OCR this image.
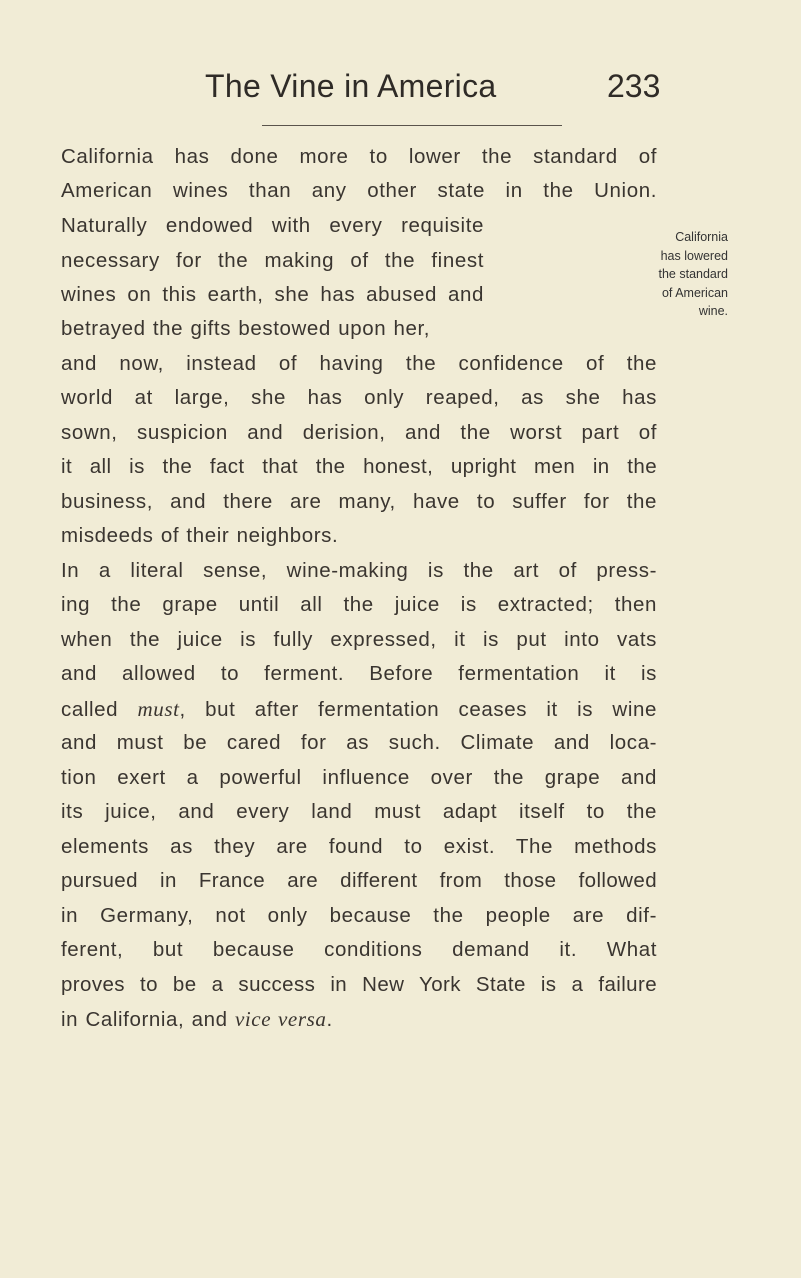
The Vine in America	233
California has done more to lower the standard of
American wines than any other state in the Union.
Naturally endowed with every requisite
necessary for the making of the finest
wines on this earth, she has abused and
betrayed the gifts bestowed upon her,
and now, instead of having the confidence of the
world at large, she has only reaped, as she has
sown, suspicion and derision, and the worst part of
it all is the fact that the honest, upright men in the
business, and there are many, have to suffer for the
misdeeds of their neighbors.
In a literal sense, wine-making is the art of press-
ing the grape until all the juice is extracted; then
when the juice is fully expressed, it is put into vats
and allowed to ferment. Before fermentation it is
called must, but after fermentation ceases it is wine
and must be cared for as such. Climate and loca-
tion exert a powerful influence over the grape and
its juice, and every land must adapt itself to the
elements as they are found to exist. The methods
pursued in France are different from those followed
in Germany, not only because the people are dif-
ferent, but because conditions demand it. What
proves to be a success in New York State is a failure
in California, and vice versa.
California
has lowered
the standard
of American
wine.
